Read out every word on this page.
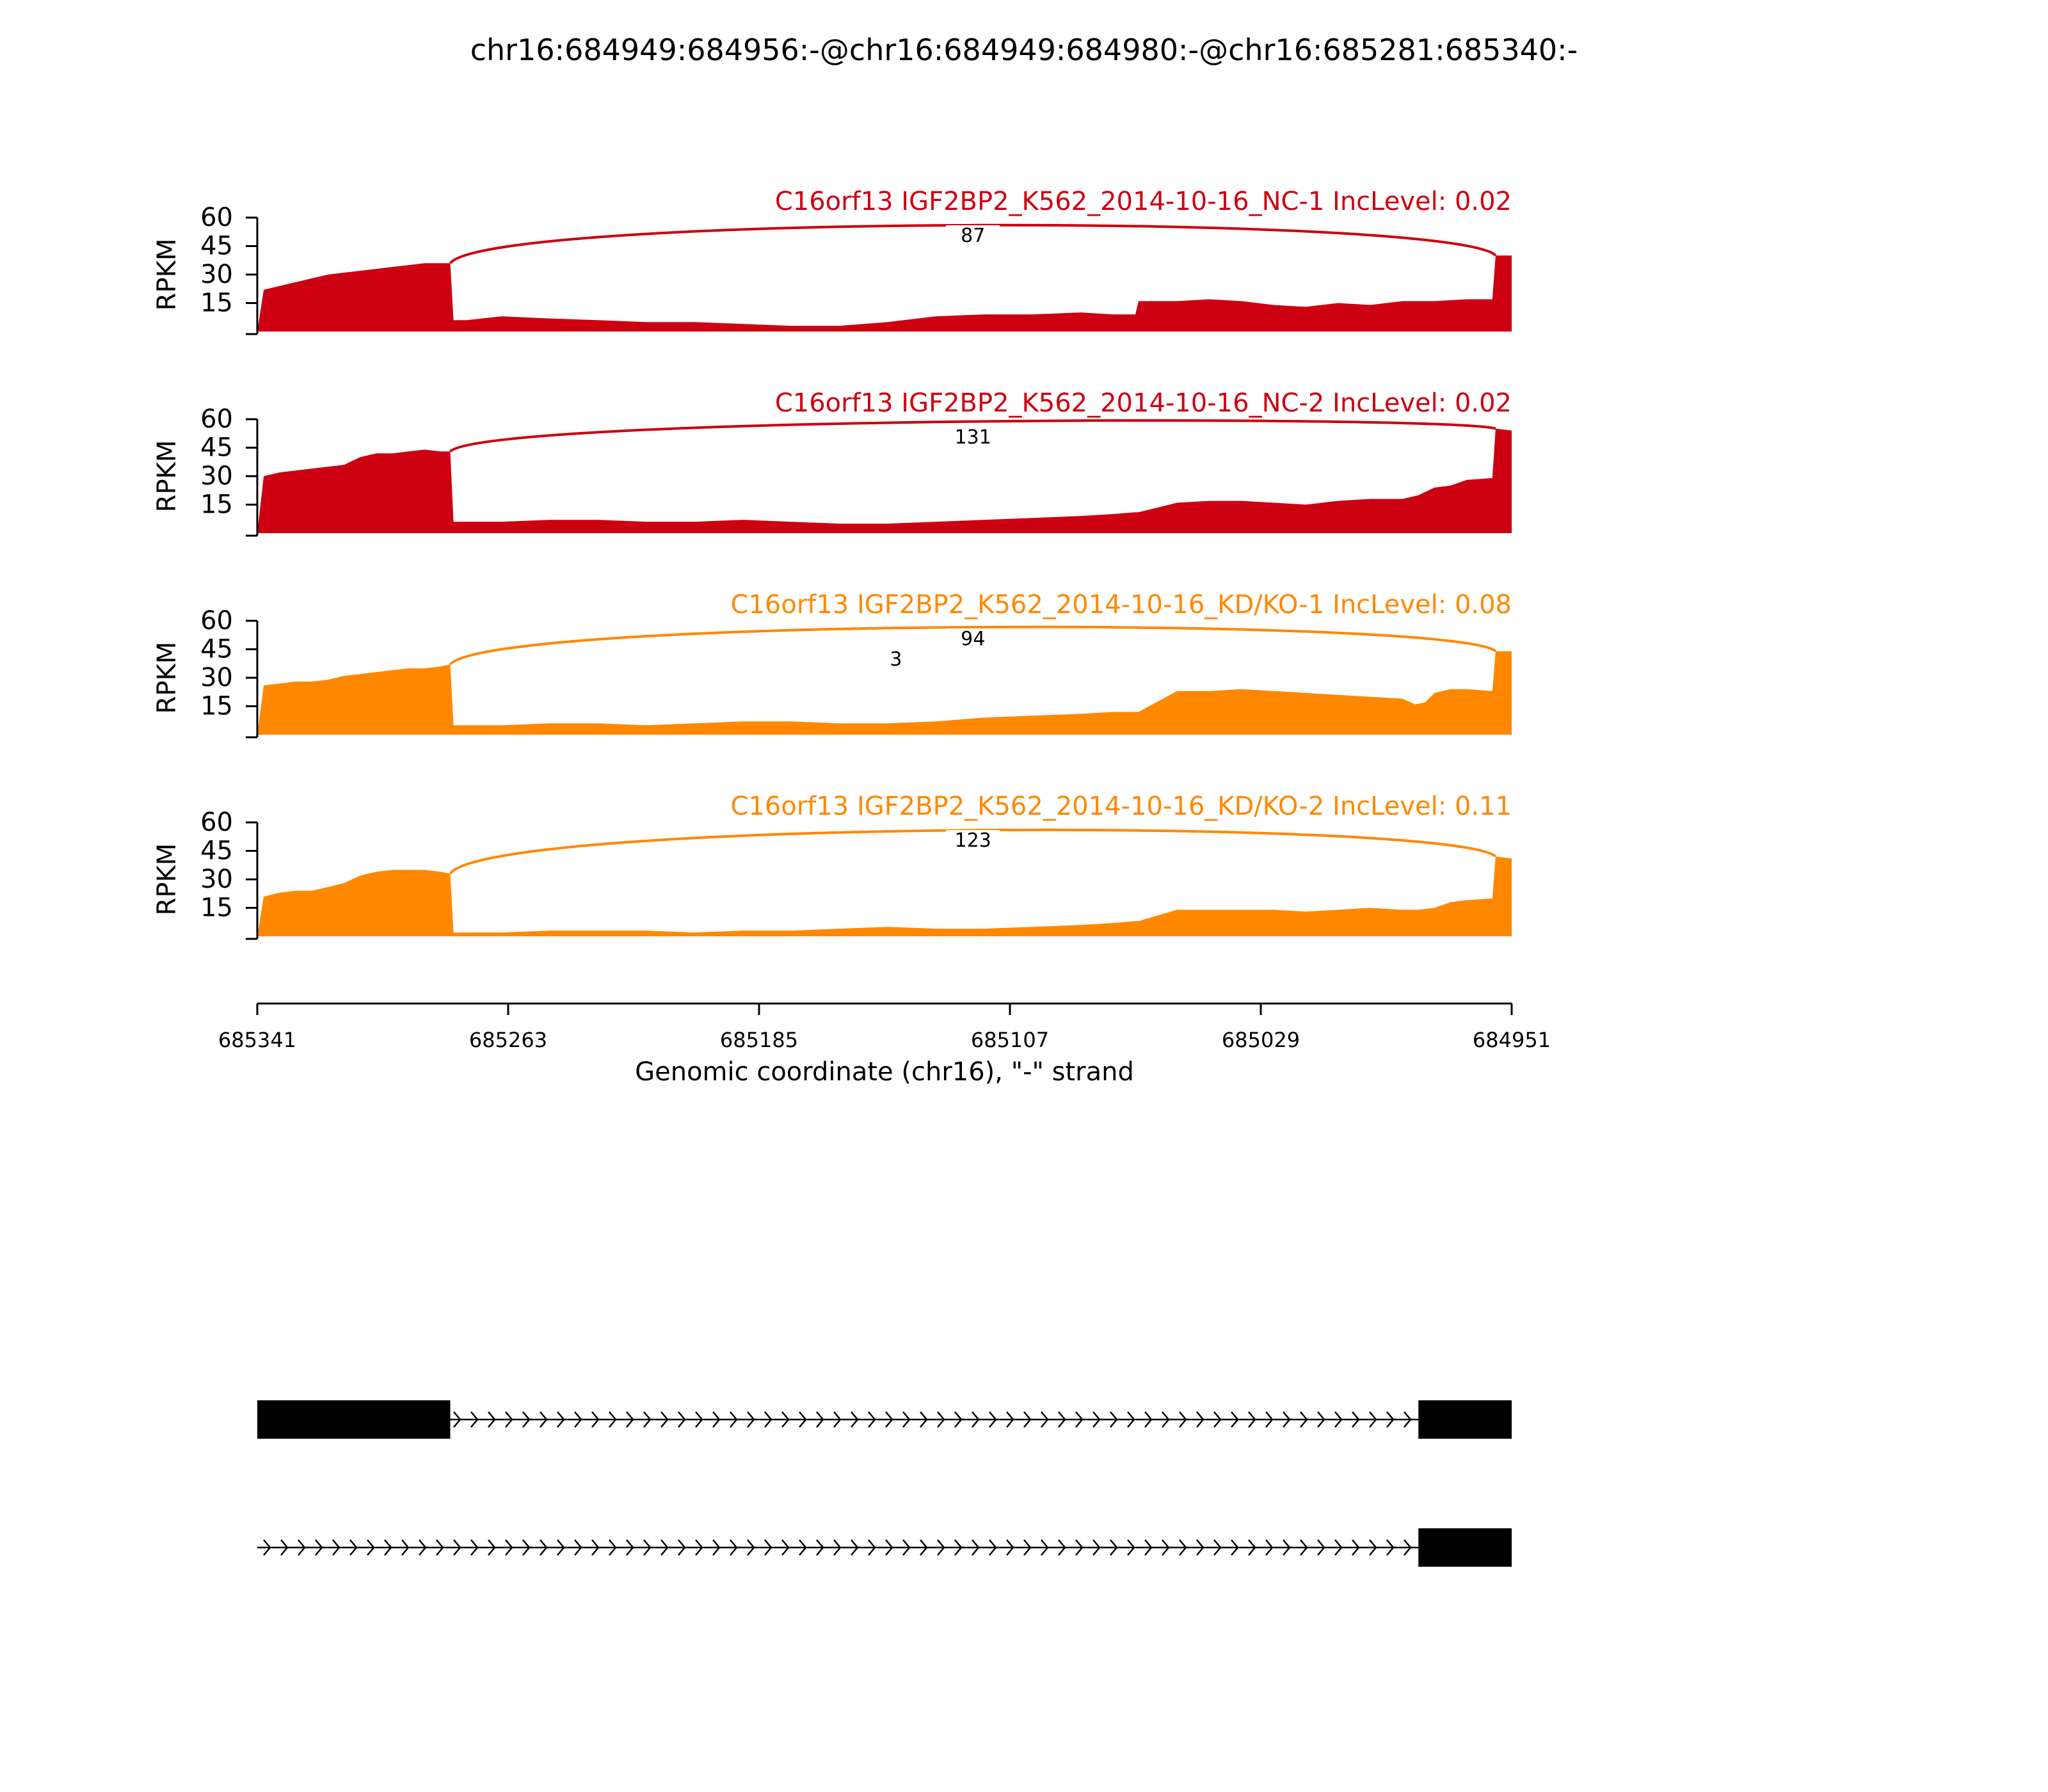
chr16:684949:684956:-@chr16:684949:684980:-@chr16:685281:685340:-
15
30
45
60
RPKM
87
C16orf13 IGF2BP2_K562_2014-10-16_NC-1 IncLevel: 0.02
15
30
45
60
RPKM
131
C16orf13 IGF2BP2_K562_2014-10-16_NC-2 IncLevel: 0.02
15
30
45
60
RPKM
94
3
C16orf13 IGF2BP2_K562_2014-10-16_KD/KO-1 IncLevel: 0.08
15
30
45
60
RPKM
123
C16orf13 IGF2BP2_K562_2014-10-16_KD/KO-2 IncLevel: 0.11
685341	685263	685185	685107	685029	684951
Genomic coordinate (chr16), "-" strand
